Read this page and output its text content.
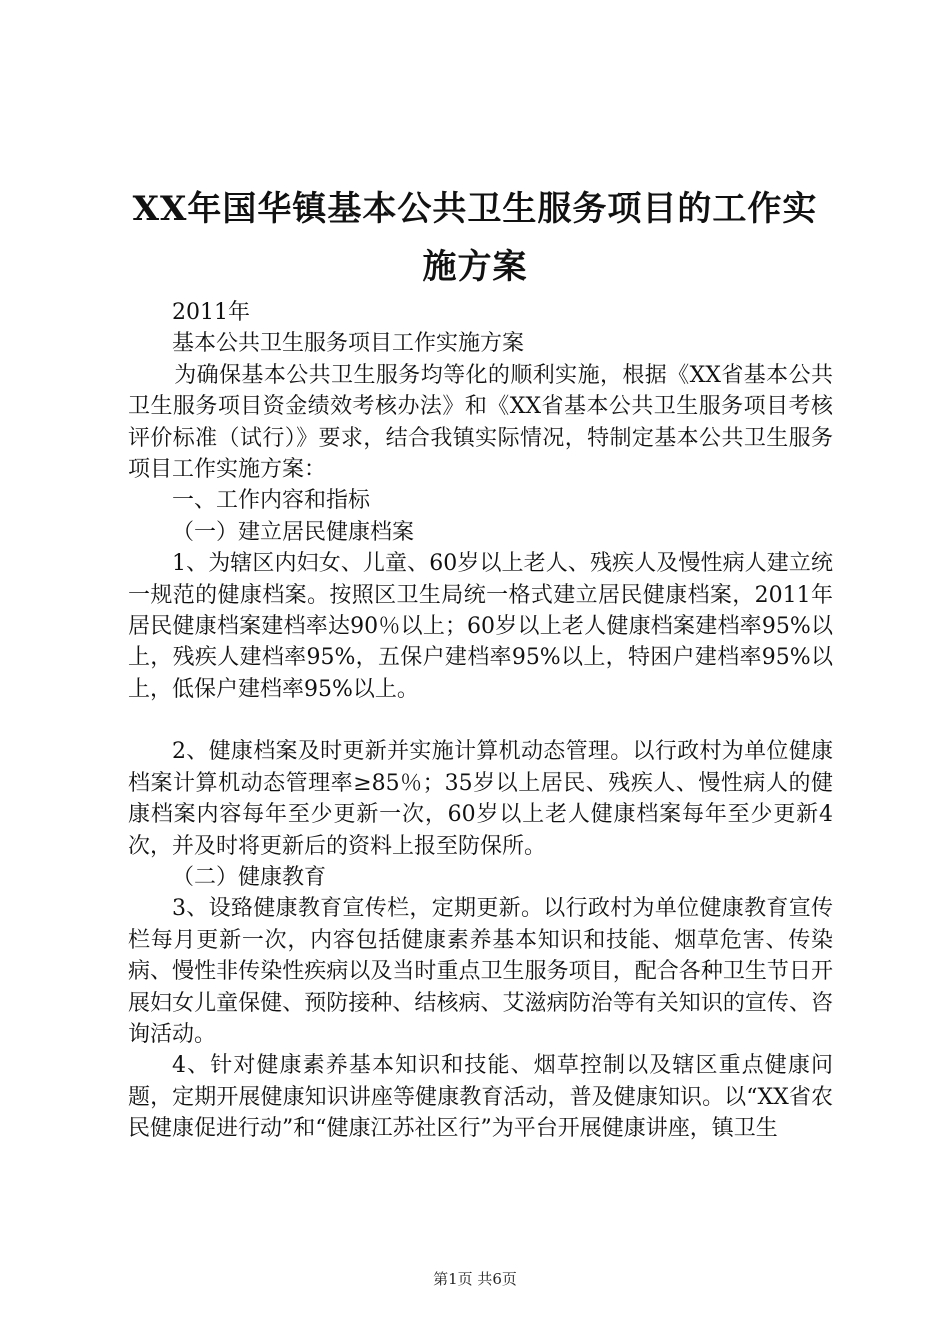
XX年国华镇基本公共卫生服务项目的工作实
施方案

2011年

基本公共卫生服务项目工作实施方案

为确保基本公共卫生服务均等化的顺利实施，根据《XX省基本公共卫生服务项目资金绩效考核办法》和《XX省基本公共卫生服务项目考核评价标准（试行）》要求，结合我镇实际情况，特制定基本公共卫生服务项目工作实施方案：

一、工作内容和指标

（一）建立居民健康档案

1、为辖区内妇女、儿童、60岁以上老人、残疾人及慢性病人建立统一规范的健康档案。按照区卫生局统一格式建立居民健康档案，2011年居民健康档案建档率达90％以上；60岁以上老人健康档案建档率95%以上，残疾人建档率95%，五保户建档率95%以上，特困户建档率95%以上，低保户建档率95%以上。

2、健康档案及时更新并实施计算机动态管理。以行政村为单位健康档案计算机动态管理率≥85％；35岁以上居民、残疾人、慢性病人的健康档案内容每年至少更新一次，60岁以上老人健康档案每年至少更新4次，并及时将更新后的资料上报至防保所。

（二）健康教育

3、设臵健康教育宣传栏，定期更新。以行政村为单位健康教育宣传栏每月更新一次，内容包括健康素养基本知识和技能、烟草危害、传染病、慢性非传染性疾病以及当时重点卫生服务项目，配合各种卫生节日开展妇女儿童保健、预防接种、结核病、艾滋病防治等有关知识的宣传、咨询活动。

4、针对健康素养基本知识和技能、烟草控制以及辖区重点健康问题，定期开展健康知识讲座等健康教育活动，普及健康知识。以“XX省农民健康促进行动”和“健康江苏社区行”为平台开展健康讲座，镇卫生

第1页 共6页
